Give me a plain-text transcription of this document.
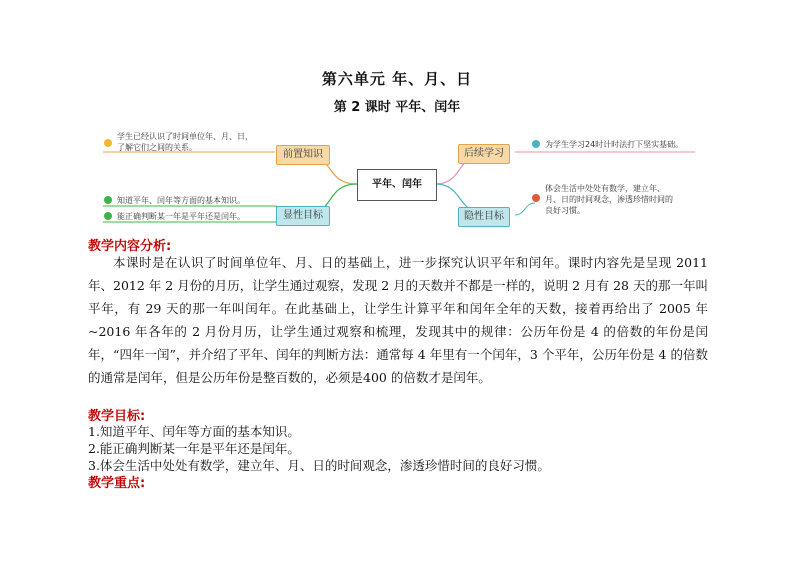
第六单元 年、月、日
第 2 课时 平年、闰年
平年、闰年
前置知识
显性目标
后续学习
隐性目标
学生已经认识了时间单位年、月、日，
了解它们之间的关系。
知道平年、闰年等方面的基本知识。
能正确判断某一年是平年还是闰年。
为学生学习24时计时法打下坚实基础。
体会生活中处处有数学，建立年、
月、日的时间观念，渗透珍惜时间的
良好习惯。
教学内容分析:
本课时是在认识了时间单位年、月、日的基础上，进一步探究认识平年和闰年。课时内容先是呈现 2011 年、2012 年 2 月份的月历，让学生通过观察，发现 2 月的天数并不都是一样的，说明 2 月有 28 天的那一年叫平年，有 29 天的那一年叫闰年。在此基础上，让学生计算平年和闰年全年的天数，接着再给出了 2005 年~2016 年各年的 2 月份月历，让学生通过观察和梳理，发现其中的规律：公历年份是 4 的倍数的年份是闰年，“四年一闰”，并介绍了平年、闰年的判断方法：通常每 4 年里有一个闰年，3 个平年，公历年份是 4 的倍数的通常是闰年，但是公历年份是整百数的，必须是400 的倍数才是闰年。
教学目标:
1.知道平年、闰年等方面的基本知识。
2.能正确判断某一年是平年还是闰年。
3.体会生活中处处有数学，建立年、月、日的时间观念，渗透珍惜时间的良好习惯。
教学重点:
